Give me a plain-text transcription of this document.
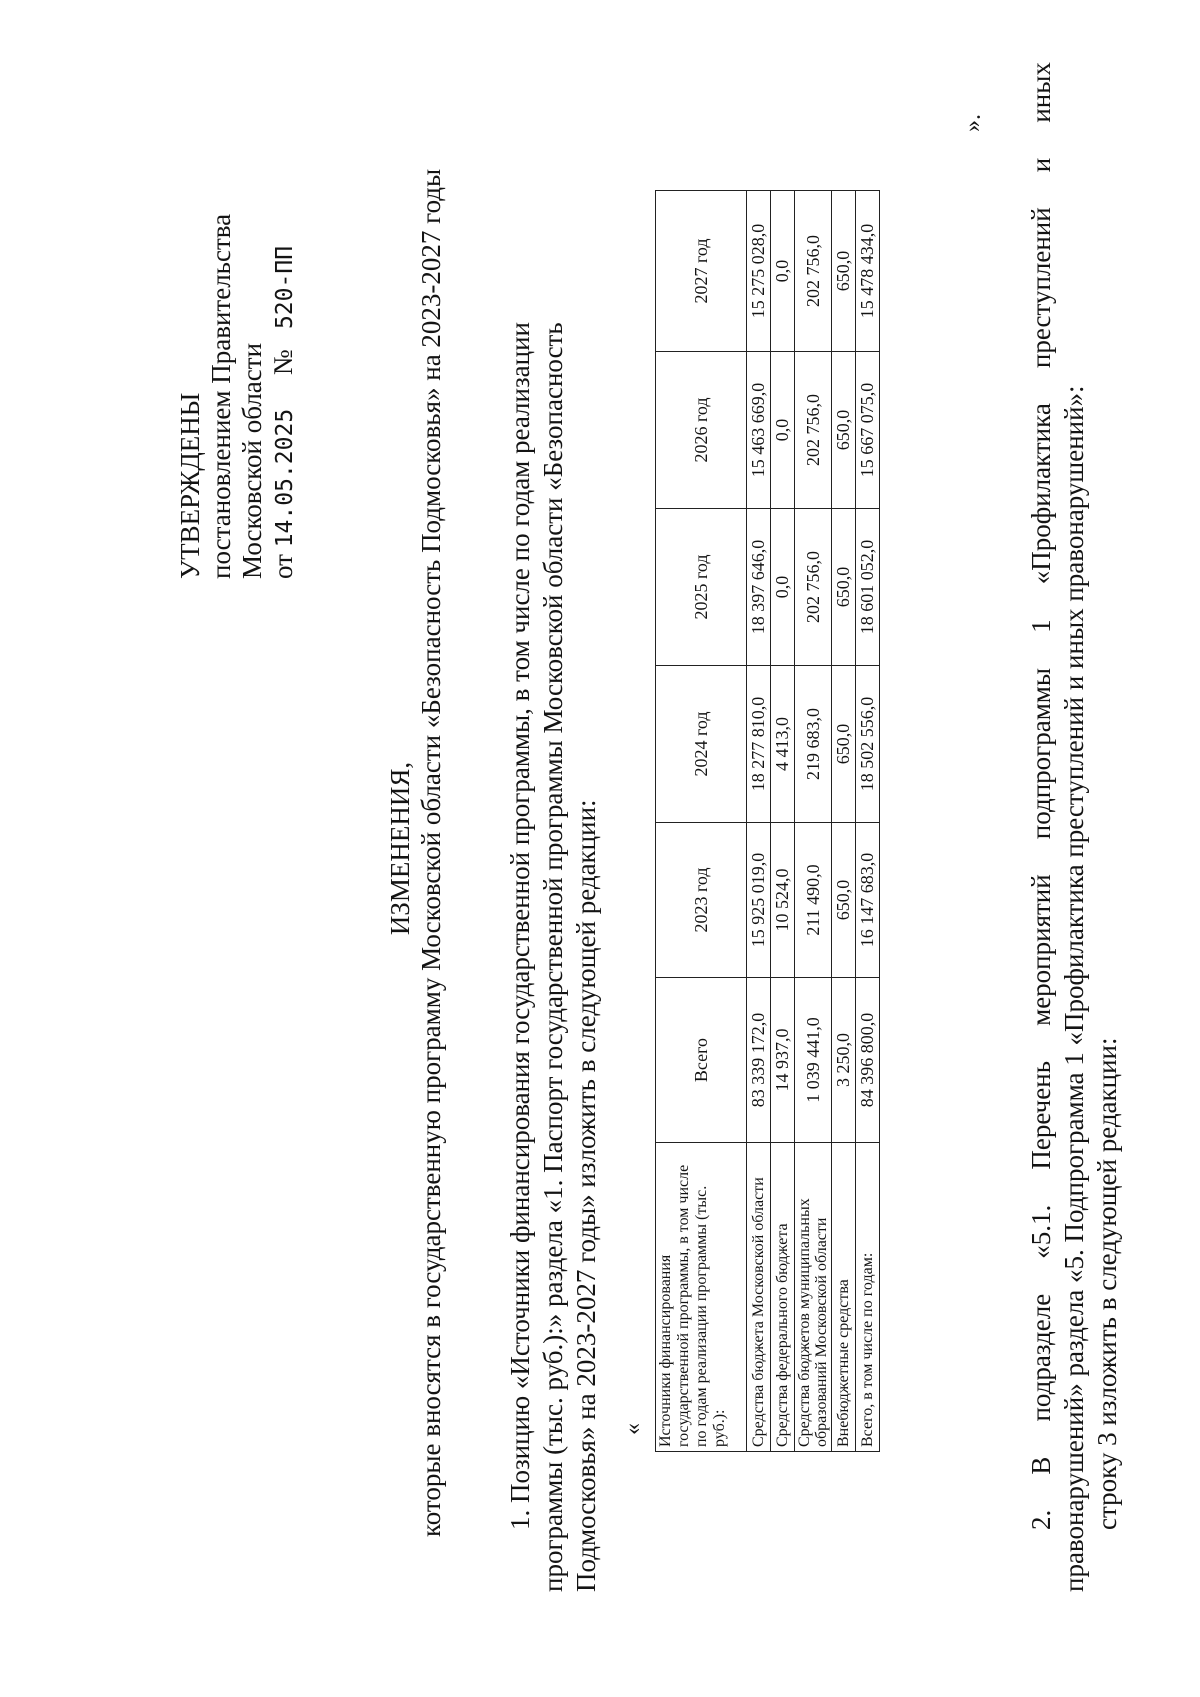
УТВЕРЖДЕНЫ постановлением Правительства Московской области от 14.05.2025     №   520-ПП
ИЗМЕНЕНИЯ, которые вносятся в государственную программу Московской области «Безопасность Подмосковья» на 2023-2027 годы 1. Позицию «Источники финансирования государственной программы, в том числе по годам реализации программы (тыс. руб.):» раздела «1. Паспорт государственной программы Московской области «Безопасность Подмосковья» на 2023-2027 годы» изложить в следующей редакции: « Источники финансирования государственной программы, в том числе по годам реализации программы (тыс. руб.):	Всего	2023 год	2024 год	2025 год	2026 год	2027 год
Средства бюджета Московской области	83 339 172,0	15 925 019,0	18 277 810,0	18 397 646,0	15 463 669,0	15 275 028,0
Средства федерального бюджета	14 937,0	10 524,0	4 413,0	0,0	0,0	0,0
Средства бюджетов муниципальных образований Московской области	1 039 441,0	211 490,0	219 683,0	202 756,0	202 756,0	202 756,0
Внебюджетные средства	3 250,0	650,0	650,0	650,0	650,0	650,0
Всего, в том числе по годам:	84 396 800,0	16 147 683,0	18 502 556,0	18 601 052,0	15 667 075,0	15 478 434,0
».
2.
В
подразделе
«5.1.
Перечень
мероприятий
подпрограммы
1
«Профилактика
преступлений
и
иных
правонарушений» раздела «5. Подпрограмма 1 «Профилактика преступлений и иных правонарушений»: строку 3 изложить в следующей редакции:
